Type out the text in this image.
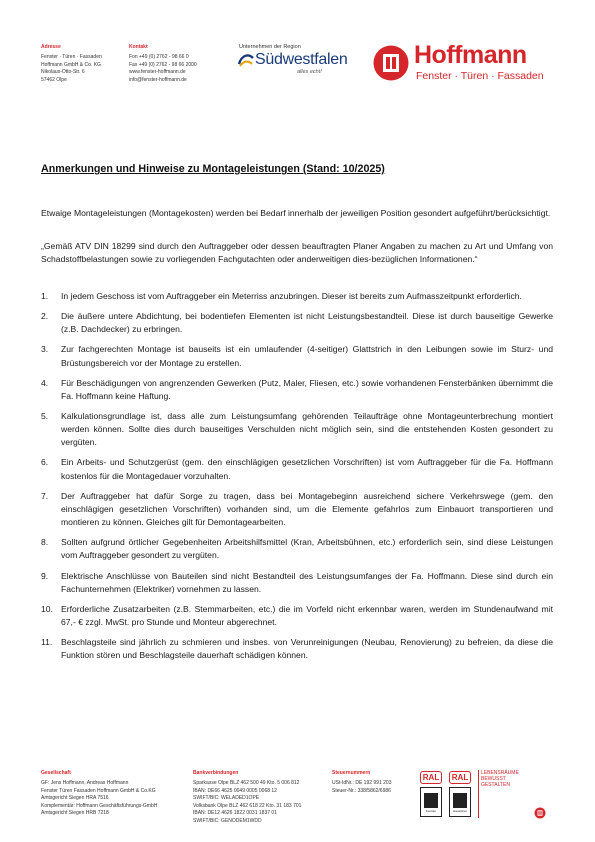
Adresse
Fenster · Türen · Fassaden
Hoffmann GmbH & Co. KG
Nikolaus-Otto-Str. 6
57462 Olpe
Kontakt
Fon +49 (0) 2762 - 98 66 0
Fax +49 (0) 2762 - 98 66 2000
www.fenster-hoffmann.de
info@fenster-hoffmann.de
Unternehmen der Region
Südwestfalen
alles echt!
Hoffmann
Fenster · Türen · Fassaden
Anmerkungen und Hinweise zu Montageleistungen (Stand: 10/2025)
Etwaige Montageleistungen (Montagekosten) werden bei Bedarf innerhalb der jeweiligen Position gesondert aufgeführt/berücksichtigt.
„Gemäß ATV DIN 18299 sind durch den Auftraggeber oder dessen beauftragten Planer Angaben zu machen zu Art und Umfang von Schadstoffbelastungen sowie zu vorliegenden Fachgutachten oder anderweitigen dies-bezüglichen Informationen.“
1. In jedem Geschoss ist vom Auftraggeber ein Meterriss anzubringen. Dieser ist bereits zum Aufmasszeitpunkt erforderlich.
2. Die äußere untere Abdichtung, bei bodentiefen Elementen ist nicht Leistungsbestandteil. Diese ist durch bauseitige Gewerke (z.B. Dachdecker) zu erbringen.
3. Zur fachgerechten Montage ist bauseits ist ein umlaufender (4-seitiger) Glattstrich in den Leibungen sowie im Sturz- und Brüstungsbereich vor der Montage zu erstellen.
4. Für Beschädigungen von angrenzenden Gewerken (Putz, Maler, Fliesen, etc.) sowie vorhandenen Fensterbänken übernimmt die Fa. Hoffmann keine Haftung.
5. Kalkulationsgrundlage ist, dass alle zum Leistungsumfang gehörenden Teilaufträge ohne Montageunterbrechung montiert werden können. Sollte dies durch bauseitiges Verschulden nicht möglich sein, sind die entstehenden Kosten gesondert zu vergüten.
6. Ein Arbeits- und Schutzgerüst (gem. den einschlägigen gesetzlichen Vorschriften) ist vom Auftraggeber für die Fa. Hoffmann kostenlos für die Montagedauer vorzuhalten.
7. Der Auftraggeber hat dafür Sorge zu tragen, dass bei Montagebeginn ausreichend sichere Verkehrswege (gem. den einschlägigen gesetzlichen Vorschriften) vorhanden sind, um die Elemente gefahrlos zum Einbauort transportieren und montieren zu können. Gleiches gilt für Demontagearbeiten.
8. Sollten aufgrund örtlicher Gegebenheiten Arbeitshilfsmittel (Kran, Arbeitsbühnen, etc.) erforderlich sein, sind diese Leistungen vom Auftraggeber gesondert zu vergüten.
9. Elektrische Anschlüsse von Bauteilen sind nicht Bestandteil des Leistungsumfanges der Fa. Hoffmann. Diese sind durch ein Fachunternehmen (Elektriker) vornehmen zu lassen.
10. Erforderliche Zusatzarbeiten (z.B. Stemmarbeiten, etc.) die im Vorfeld nicht erkennbar waren, werden im Stundenaufwand mit 67,- € zzgl. MwSt. pro Stunde und Monteur abgerechnet.
11. Beschlagsteile sind jährlich zu schmieren und insbes. von Verunreinigungen (Neubau, Renovierung) zu befreien, da diese die Funktion stören und Beschlagsteile dauerhaft schädigen können.
Gesellschaft
GF: Jens Hoffmann, Andreas Hoffmann
Fenster Türen Fassaden Hoffmann GmbH & Co.KG
Amtsgericht Siegen HRA 7516
Komplementär: Hoffmann Geschäftsführungs-GmbH
Amtsgericht Siegen HRB 7218
Bankverbindungen
Sparkasse Olpe BLZ 462 500 49 Kto. 5 006 812
IBAN: DE66 4625 0049 0005 0068 12
SWIFT/BIC: WELADED1OPE
Volksbank Olpe BLZ 462 618 22 Kto. 31 183 701
IBAN: DE12 4626 1822 0031 1837 01
SWIFT/BIC: GENODEM1WDD
Steuernummern
USt-IdNr.: DE 192 991 203
Steuer-Nr.: 338/5862/6986
RAL
Fenster
RAL
Haustüren
LEBENSRÄUME
BEWUSST
GESTALTEN
